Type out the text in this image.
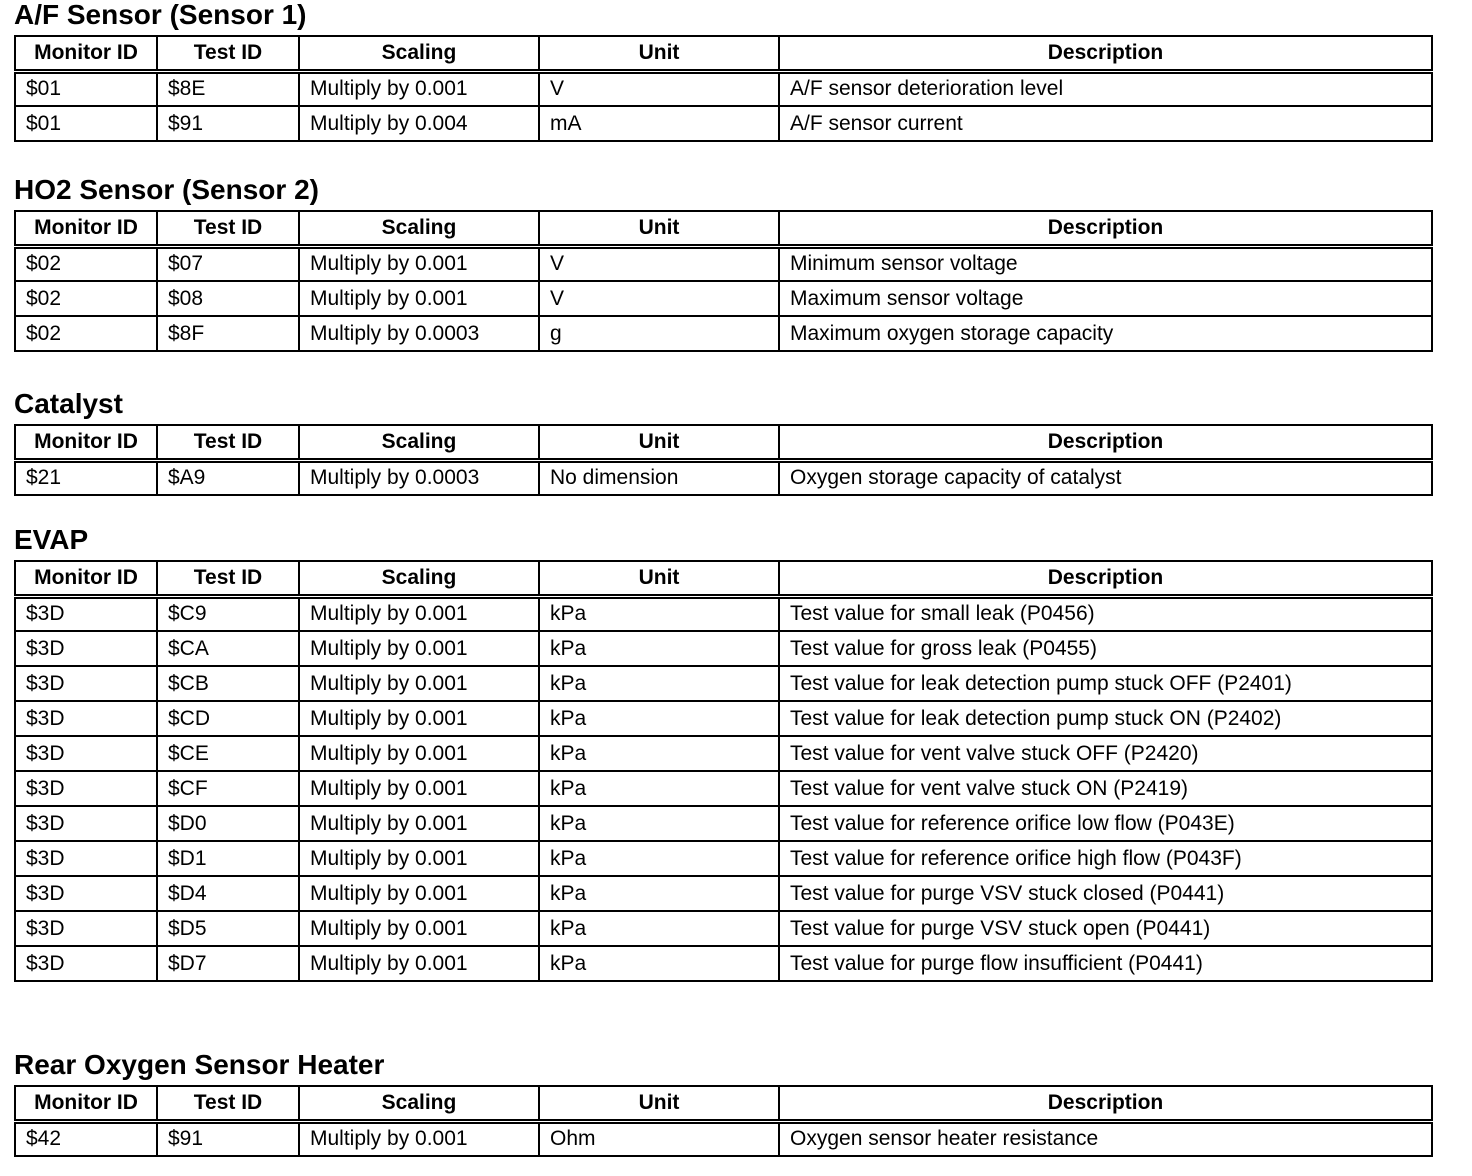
A/F Sensor (Sensor 1)
Monitor ID	Test ID	Scaling	Unit	Description
$01	$8E	Multiply by 0.001	V	A/F sensor deterioration level
$01	$91	Multiply by 0.004	mA	A/F sensor current
HO2 Sensor (Sensor 2)
Monitor ID	Test ID	Scaling	Unit	Description
$02	$07	Multiply by 0.001	V	Minimum sensor voltage
$02	$08	Multiply by 0.001	V	Maximum sensor voltage
$02	$8F	Multiply by 0.0003	g	Maximum oxygen storage capacity
Catalyst
Monitor ID	Test ID	Scaling	Unit	Description
$21	$A9	Multiply by 0.0003	No dimension	Oxygen storage capacity of catalyst
EVAP
Monitor ID	Test ID	Scaling	Unit	Description
$3D	$C9	Multiply by 0.001	kPa	Test value for small leak (P0456)
$3D	$CA	Multiply by 0.001	kPa	Test value for gross leak (P0455)
$3D	$CB	Multiply by 0.001	kPa	Test value for leak detection pump stuck OFF (P2401)
$3D	$CD	Multiply by 0.001	kPa	Test value for leak detection pump stuck ON (P2402)
$3D	$CE	Multiply by 0.001	kPa	Test value for vent valve stuck OFF (P2420)
$3D	$CF	Multiply by 0.001	kPa	Test value for vent valve stuck ON (P2419)
$3D	$D0	Multiply by 0.001	kPa	Test value for reference orifice low flow (P043E)
$3D	$D1	Multiply by 0.001	kPa	Test value for reference orifice high flow (P043F)
$3D	$D4	Multiply by 0.001	kPa	Test value for purge VSV stuck closed (P0441)
$3D	$D5	Multiply by 0.001	kPa	Test value for purge VSV stuck open (P0441)
$3D	$D7	Multiply by 0.001	kPa	Test value for purge flow insufficient (P0441)
Rear Oxygen Sensor Heater
Monitor ID	Test ID	Scaling	Unit	Description
$42	$91	Multiply by 0.001	Ohm	Oxygen sensor heater resistance
